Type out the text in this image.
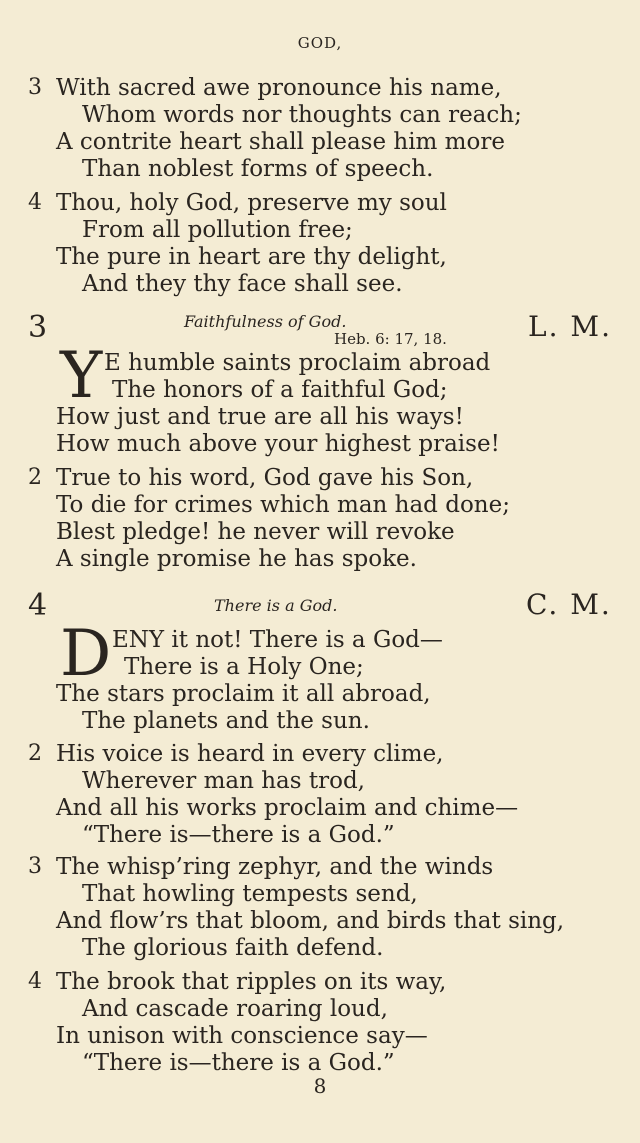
GOD,
3 With sacred awe pronounce his name,
Whom words nor thoughts can reach;
A contrite heart shall please him more
Than noblest forms of speech.
4 Thou, holy God, preserve my soul
From all pollution free;
The pure in heart are thy delight,
And they thy face shall see.
3	Faithfulness of God.
Heb. 6: 17, 18.	L. M.
Y E humble saints proclaim abroad
The honors of a faithful God;
How just and true are all his ways!
How much above your highest praise!
2 True to his word, God gave his Son,
To die for crimes which man had done;
Blest pledge! he never will revoke
A single promise he has spoke.
4	There is a God.	C. M.
D ENY it not! There is a God—
There is a Holy One;
The stars proclaim it all abroad,
The planets and the sun.
2 His voice is heard in every clime,
Wherever man has trod,
And all his works proclaim and chime—
“There is—there is a God.”
3 The whisp’ring zephyr, and the winds
That howling tempests send,
And flow’rs that bloom, and birds that sing,
The glorious faith defend.
4 The brook that ripples on its way,
And cascade roaring loud,
In unison with conscience say—
“There is—there is a God.”
8
